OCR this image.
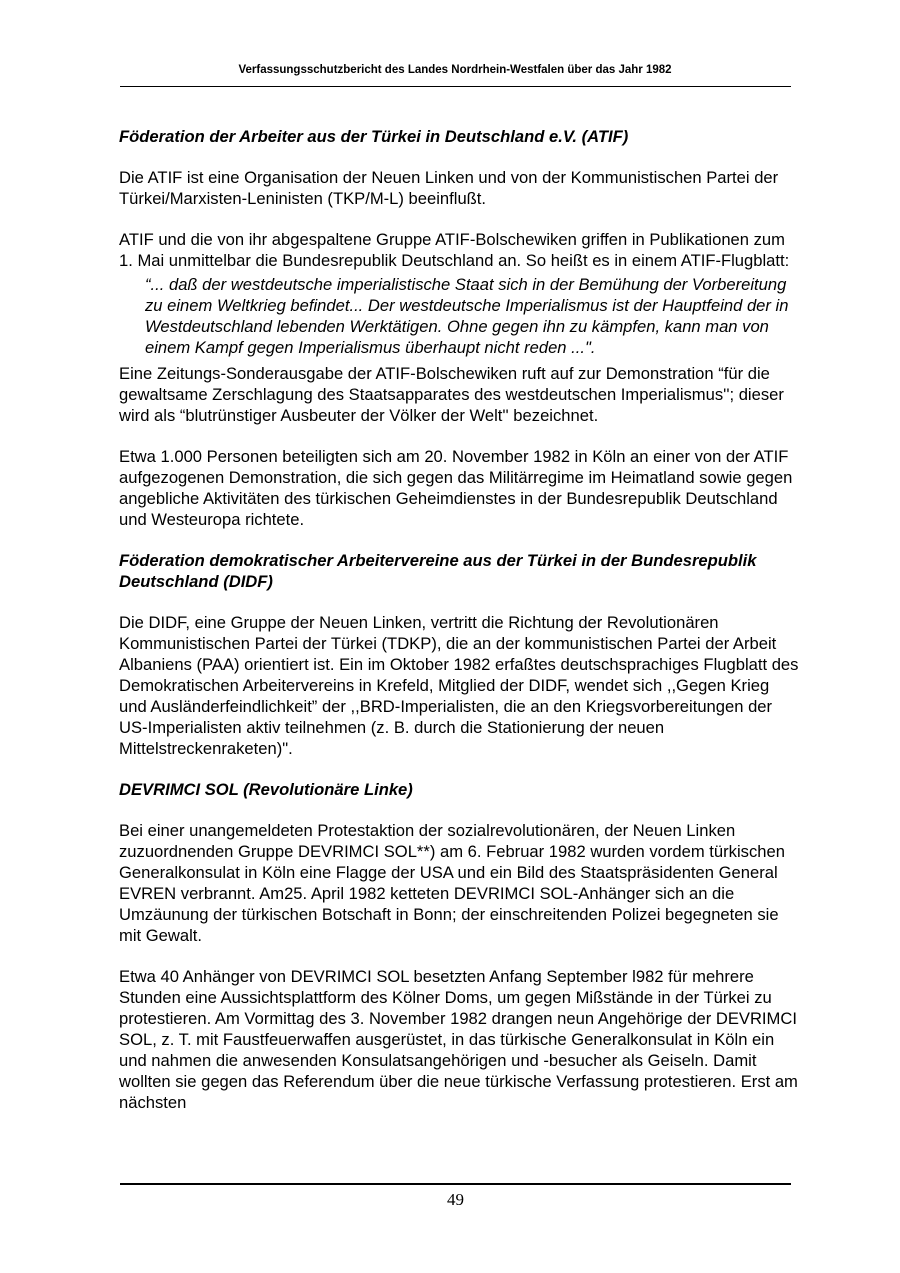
Verfassungsschutzbericht des Landes Nordrhein-Westfalen über das Jahr 1982

Föderation der Arbeiter aus der Türkei in Deutschland e.V. (ATIF)

Die ATIF ist eine Organisation der Neuen Linken und von der Kommunistischen Partei der Türkei/Marxisten-Leninisten (TKP/M-L) beeinflußt.

ATIF und die von ihr abgespaltene Gruppe ATIF-Bolschewiken griffen in Publikationen zum 1. Mai unmittelbar die Bundesrepublik Deutschland an. So heißt es in einem ATIF-Flugblatt:

“... daß der westdeutsche imperialistische Staat sich in der Bemühung der Vorbereitung zu einem Weltkrieg befindet... Der westdeutsche Imperialismus ist der Hauptfeind der in Westdeutschland lebenden Werktätigen. Ohne gegen ihn zu kämpfen, kann man von einem Kampf gegen Imperialismus überhaupt nicht reden ...".

Eine Zeitungs-Sonderausgabe der ATIF-Bolschewiken ruft auf zur Demonstration “für die gewaltsame Zerschlagung des Staatsapparates des westdeutschen Imperialismus''; dieser wird als “blutrünstiger Ausbeuter der Völker der Welt'' bezeichnet.

Etwa 1.000 Personen beteiligten sich am 20. November 1982 in Köln an einer von der ATIF aufgezogenen Demonstration, die sich gegen das Militärregime im Heimatland sowie gegen angebliche Aktivitäten des türkischen Geheimdienstes in der Bundesrepublik Deutschland und Westeuropa richtete.

Föderation demokratischer Arbeitervereine aus der Türkei in der Bundesrepublik Deutschland (DIDF)

Die DIDF, eine Gruppe der Neuen Linken, vertritt die Richtung der Revolutionären Kommunistischen Partei der Türkei (TDKP), die an der kommunistischen Partei der Arbeit Albaniens (PAA) orientiert ist. Ein im Oktober 1982 erfaßtes deutschsprachiges Flugblatt des Demokratischen Arbeitervereins in Krefeld, Mitglied der DIDF, wendet sich ,,Gegen Krieg und Ausländerfeindlichkeit” der ,,BRD-Imperialisten, die an den Kriegsvorbereitungen der US-Imperialisten aktiv teilnehmen (z. B. durch die Stationierung der neuen Mittelstreckenraketen)".

DEVRIMCI SOL (Revolutionäre Linke)

Bei einer unangemeldeten Protestaktion der sozialrevolutionären, der Neuen Linken zuzuordnenden Gruppe DEVRIMCI SOL**) am 6. Februar 1982 wurden vordem türkischen Generalkonsulat in Köln eine Flagge der USA und ein Bild des Staatspräsidenten General EVREN verbrannt. Am25. April 1982 ketteten DEVRIMCI SOL-Anhänger sich an die Umzäunung der türkischen Botschaft in Bonn; der einschreitenden Polizei begegneten sie mit Gewalt.

Etwa 40 Anhänger von DEVRIMCI SOL besetzten Anfang September l982 für mehrere Stunden eine Aussichtsplattform des Kölner Doms, um gegen Mißstände in der Türkei zu protestieren. Am Vormittag des 3. November 1982 drangen neun Angehörige der DEVRIMCI SOL, z. T. mit Faustfeuerwaffen ausgerüstet, in das türkische Generalkonsulat in Köln ein und nahmen die anwesenden Konsulatsangehörigen und -besucher als Geiseln. Damit wollten sie gegen das Referendum über die neue türkische Verfassung protestieren. Erst am nächsten

49
